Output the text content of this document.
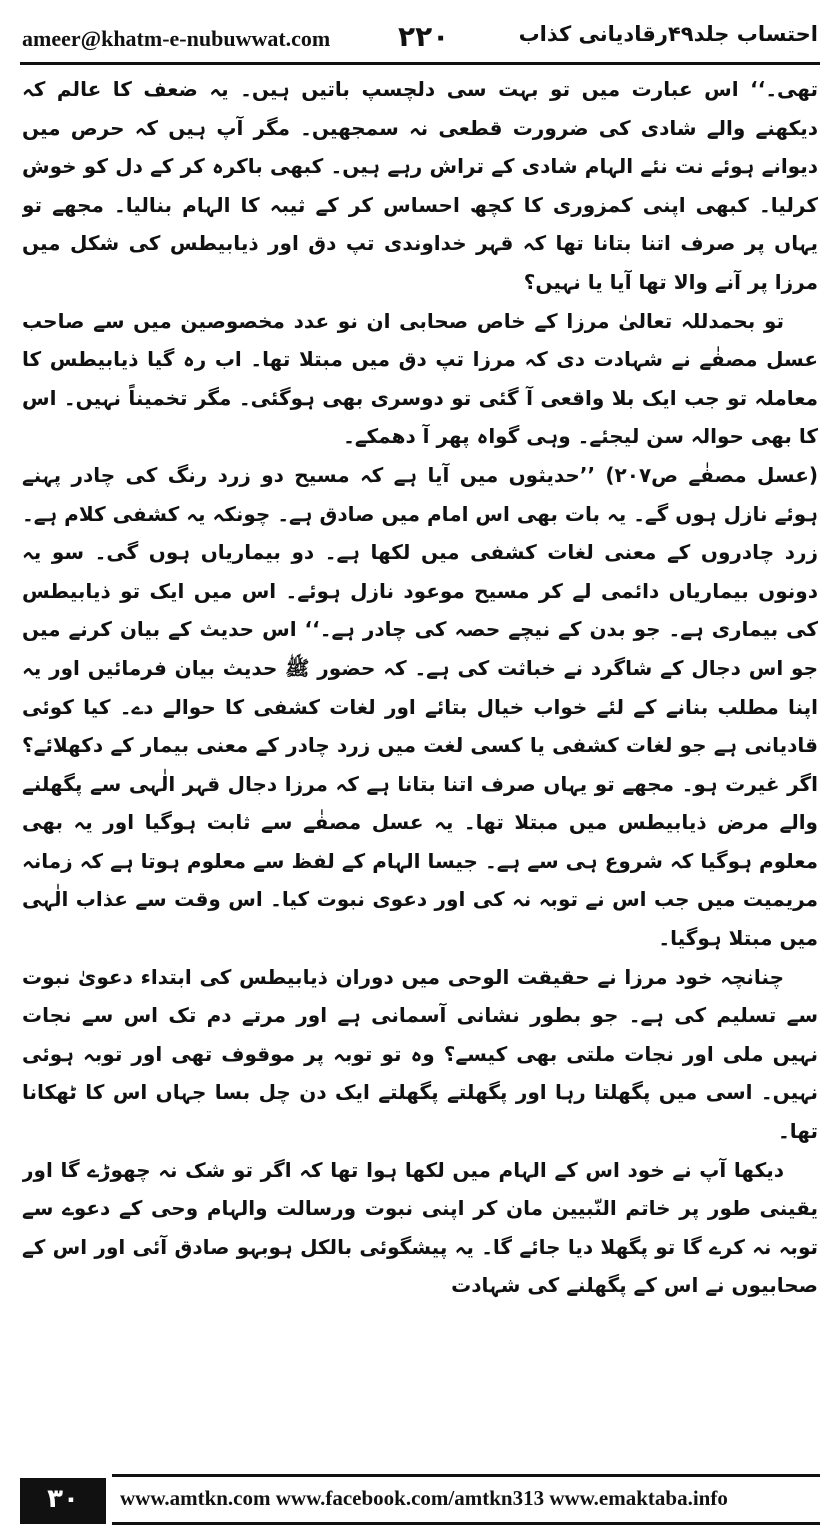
ameer@khatm-e-nubuwwat.com ۲۲۰	احتساب جلد۴۹رقادیانی کذاب

تھی۔‘‘ اس عبارت میں تو بہت سی دلچسپ باتیں ہیں۔ یہ ضعف کا عالم کہ دیکھنے والے شادی کی ضرورت قطعی نہ سمجھیں۔ مگر آپ ہیں کہ حرص میں دیوانے ہوئے نت نئے الہام شادی کے تراش رہے ہیں۔ کبھی باکرہ کر کے دل کو خوش کرلیا۔ کبھی اپنی کمزوری کا کچھ احساس کر کے ثیبہ کا الہام بنالیا۔ مجھے تو یہاں پر صرف اتنا بتانا تھا کہ قہر خداوندی تپ دق اور ذیابیطس کی شکل میں مرزا پر آنے والا تھا آیا یا نہیں؟

تو بحمدللہ تعالیٰ مرزا کے خاص صحابی ان نو عدد مخصوصین میں سے صاحب عسل مصفٰے نے شہادت دی کہ مرزا تپ دق میں مبتلا تھا۔ اب رہ گیا ذیابیطس کا معاملہ تو جب ایک بلا واقعی آ گئی تو دوسری بھی ہوگئی۔ مگر تخمیناً نہیں۔ اس کا بھی حوالہ سن لیجئے۔ وہی گواہ پھر آ دھمکے۔

(عسل مصفٰے ص۲۰۷) ’’حدیثوں میں آیا ہے کہ مسیح دو زرد رنگ کی چادر پہنے ہوئے نازل ہوں گے۔ یہ بات بھی اس امام میں صادق ہے۔ چونکہ یہ کشفی کلام ہے۔ زرد چادروں کے معنی لغات کشفی میں لکھا ہے۔ دو بیماریاں ہوں گی۔ سو یہ دونوں بیماریاں دائمی لے کر مسیح موعود نازل ہوئے۔ اس میں ایک تو ذیابیطس کی بیماری ہے۔ جو بدن کے نیچے حصہ کی چادر ہے۔‘‘ اس حدیث کے بیان کرنے میں جو اس دجال کے شاگرد نے خباثت کی ہے۔ کہ حضور ﷺ حدیث بیان فرمائیں اور یہ اپنا مطلب بنانے کے لئے خواب خیال بتائے اور لغات کشفی کا حوالے دے۔ کیا کوئی قادیانی ہے جو لغات کشفی یا کسی لغت میں زرد چادر کے معنی بیمار کے دکھلائے؟ اگر غیرت ہو۔ مجھے تو یہاں صرف اتنا بتانا ہے کہ مرزا دجال قہر الٰہی سے پگھلنے والے مرض ذیابیطس میں مبتلا تھا۔ یہ عسل مصفٰے سے ثابت ہوگیا اور یہ بھی معلوم ہوگیا کہ شروع ہی سے ہے۔ جیسا الہام کے لفظ سے معلوم ہوتا ہے کہ زمانہ مریمیت میں جب اس نے توبہ نہ کی اور دعوی نبوت کیا۔ اس وقت سے عذاب الٰہی میں مبتلا ہوگیا۔

چنانچہ خود مرزا نے حقیقت الوحی میں دوران ذیابیطس کی ابتداء دعویٰ نبوت سے تسلیم کی ہے۔ جو بطور نشانی آسمانی ہے اور مرتے دم تک اس سے نجات نہیں ملی اور نجات ملتی بھی کیسے؟ وہ تو توبہ پر موقوف تھی اور توبہ ہوئی نہیں۔ اسی میں پگھلتا رہا اور پگھلتے پگھلتے ایک دن چل بسا جہاں اس کا ٹھکانا تھا۔

دیکھا آپ نے خود اس کے الہام میں لکھا ہوا تھا کہ اگر تو شک نہ چھوڑے گا اور یقینی طور پر خاتم النّبیین مان کر اپنی نبوت ورسالت والہام وحی کے دعوے سے توبہ نہ کرے گا تو پگھلا دیا جائے گا۔ یہ پیشگوئی بالکل ہوبہو صادق آئی اور اس کے صحابیوں نے اس کے پگھلنے کی شہادت

۳۰	www.amtkn.com www.facebook.com/amtkn313 www.emaktaba.info
